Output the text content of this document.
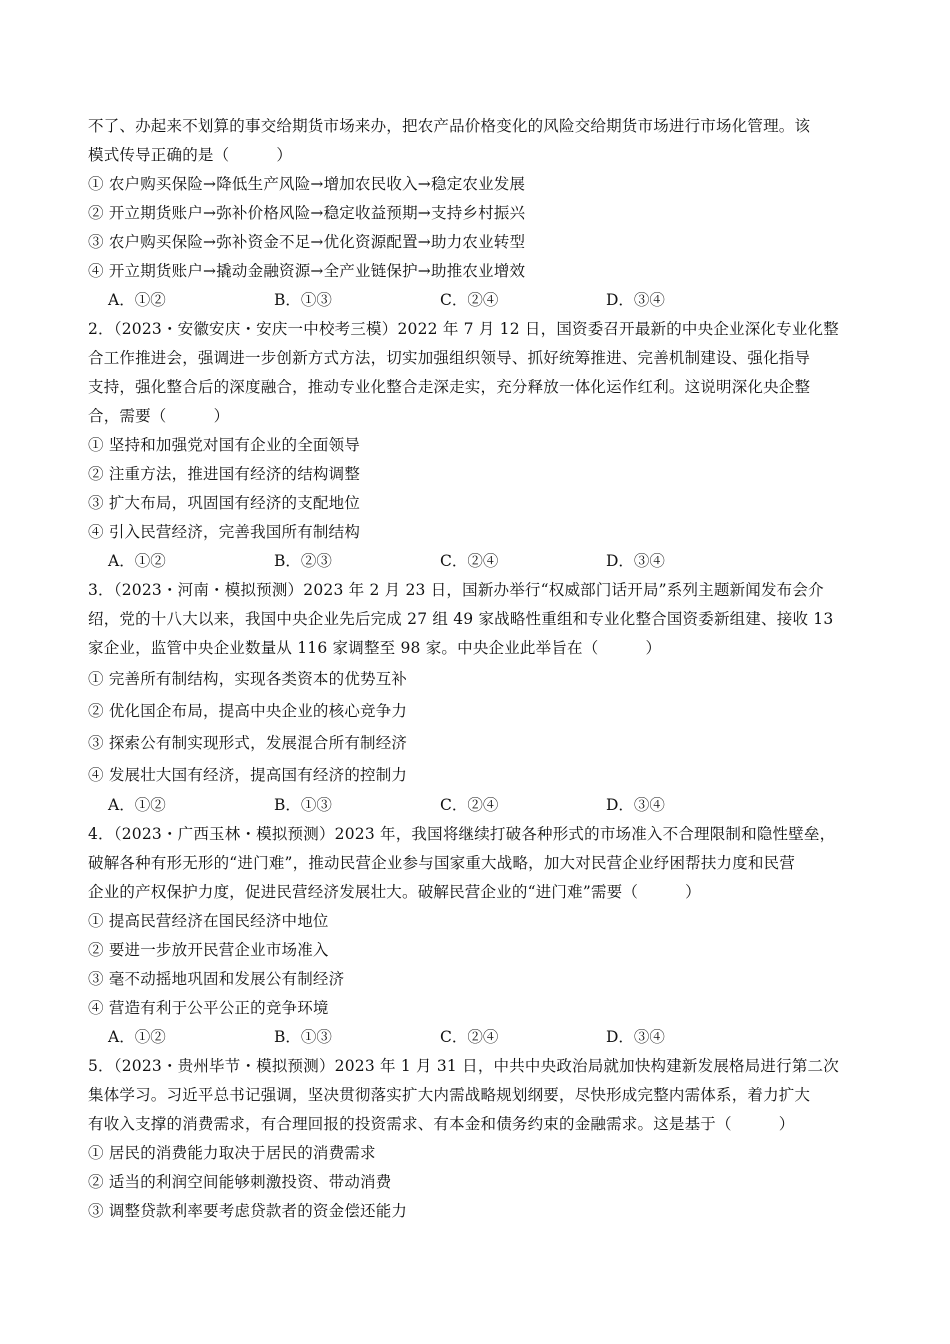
不了、办起来不划算的事交给期货市场来办，把农产品价格变化的风险交给期货市场进行市场化管理。该
模式传导正确的是（　　　）
① 农户购买保险→降低生产风险→增加农民收入→稳定农业发展
② 开立期货账户→弥补价格风险→稳定收益预期→支持乡村振兴
③ 农户购买保险→弥补资金不足→优化资源配置→助力农业转型
④ 开立期货账户→撬动金融资源→全产业链保护→助推农业增效
A．①②	B．①③	C．②④	D．③④
2．（2023・安徽安庆・安庆一中校考三模）2022 年 7 月 12 日，国资委召开最新的中央企业深化专业化整
合工作推进会，强调进一步创新方式方法，切实加强组织领导、抓好统筹推进、完善机制建设、强化指导
支持，强化整合后的深度融合，推动专业化整合走深走实，充分释放一体化运作红利。这说明深化央企整
合，需要（　　　）
① 坚持和加强党对国有企业的全面领导
② 注重方法，推进国有经济的结构调整
③ 扩大布局，巩固国有经济的支配地位
④ 引入民营经济，完善我国所有制结构
A．①②	B．②③	C．②④	D．③④
3．（2023・河南・模拟预测）2023 年 2 月 23 日，国新办举行“权威部门话开局”系列主题新闻发布会介
绍，党的十八大以来，我国中央企业先后完成 27 组 49 家战略性重组和专业化整合国资委新组建、接收 13
家企业，监管中央企业数量从 116 家调整至 98 家。中央企业此举旨在（　　　）
① 完善所有制结构，实现各类资本的优势互补
② 优化国企布局，提高中央企业的核心竞争力
③ 探索公有制实现形式，发展混合所有制经济
④ 发展壮大国有经济，提高国有经济的控制力
A．①②	B．①③	C．②④	D．③④
4．（2023・广西玉林・模拟预测）2023 年，我国将继续打破各种形式的市场准入不合理限制和隐性壁垒，
破解各种有形无形的“进门难”，推动民营企业参与国家重大战略，加大对民营企业纾困帮扶力度和民营
企业的产权保护力度，促进民营经济发展壮大。破解民营企业的“进门难”需要（　　　）
① 提高民营经济在国民经济中地位
② 要进一步放开民营企业市场准入
③ 毫不动摇地巩固和发展公有制经济
④ 营造有利于公平公正的竞争环境
A．①②	B．①③	C．②④	D．③④
5．（2023・贵州毕节・模拟预测）2023 年 1 月 31 日，中共中央政治局就加快构建新发展格局进行第二次
集体学习。习近平总书记强调，坚决贯彻落实扩大内需战略规划纲要，尽快形成完整内需体系，着力扩大
有收入支撑的消费需求，有合理回报的投资需求、有本金和债务约束的金融需求。这是基于（　　　）
① 居民的消费能力取决于居民的消费需求
② 适当的利润空间能够刺激投资、带动消费
③ 调整贷款利率要考虑贷款者的资金偿还能力
